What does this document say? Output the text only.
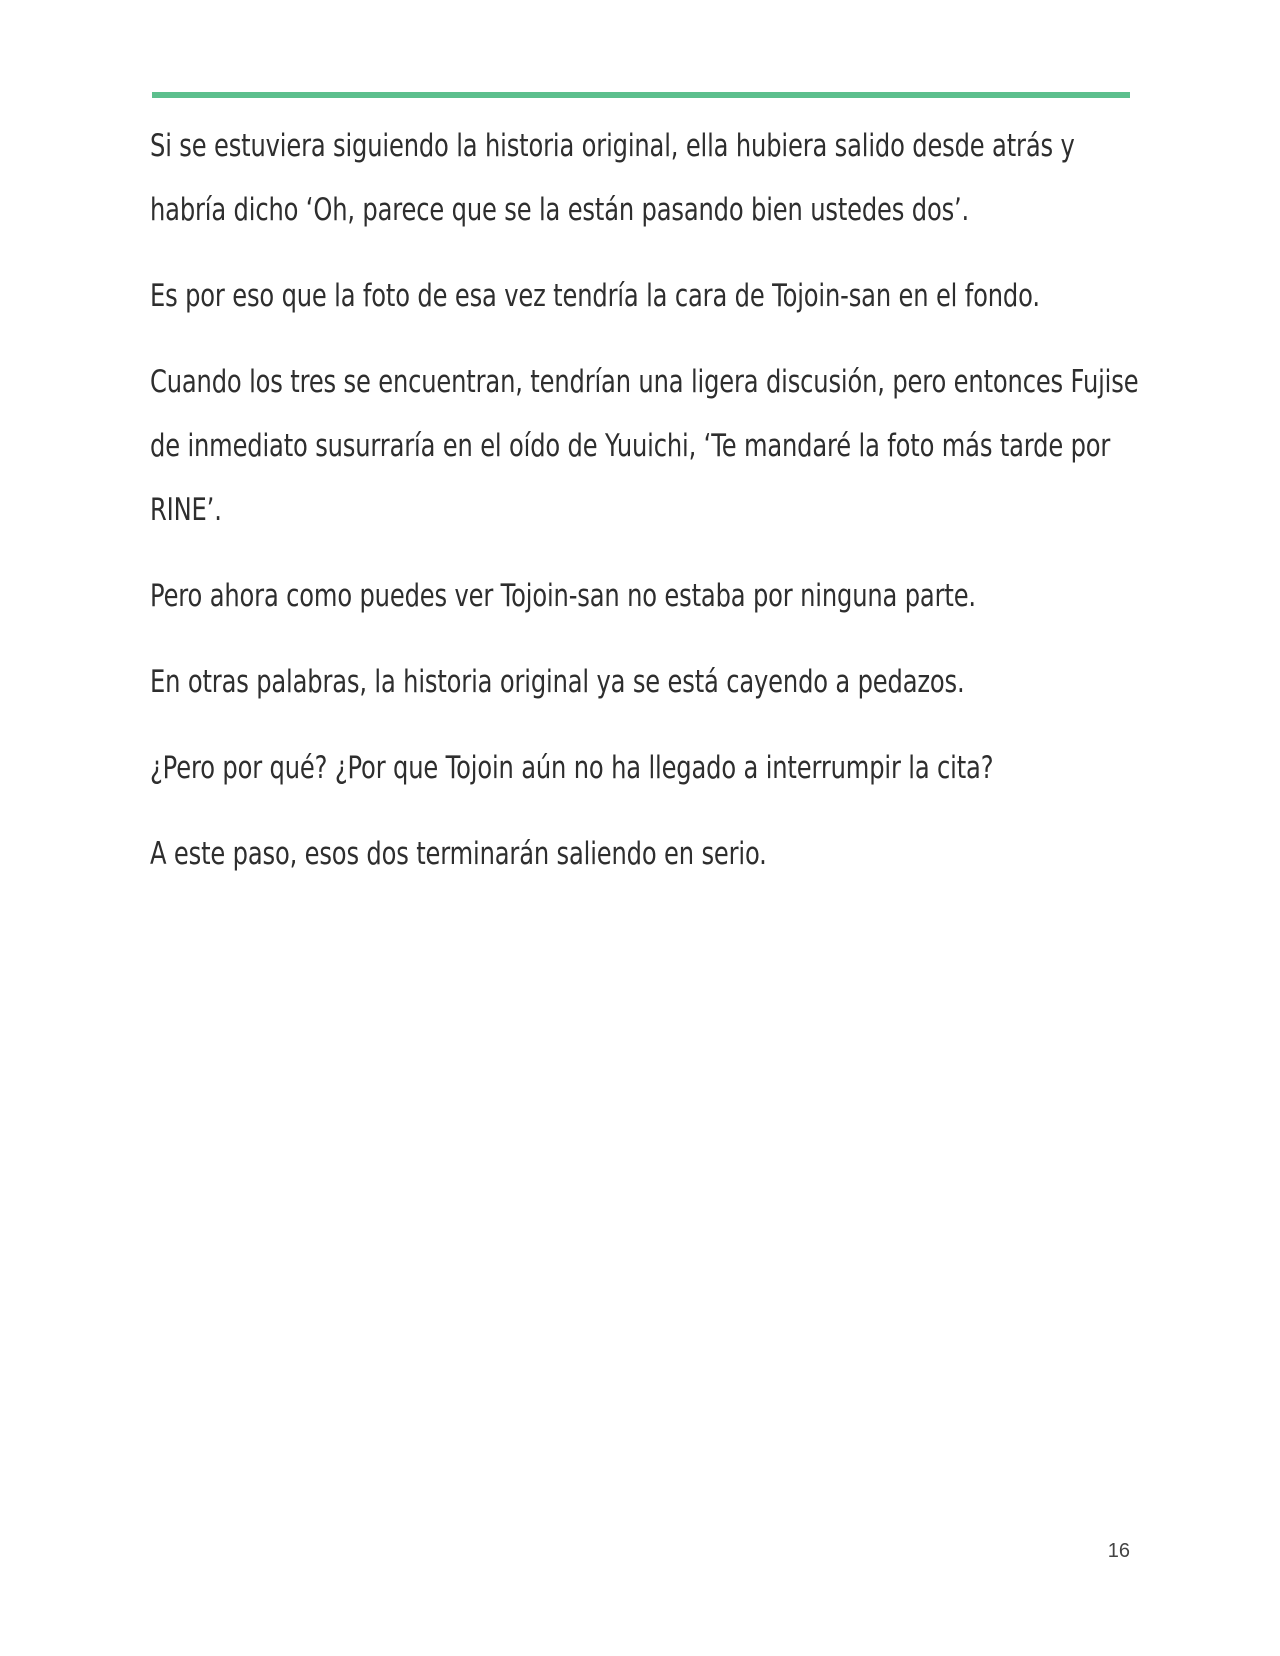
Si se estuviera siguiendo la historia original, ella hubiera salido desde atrás y habría dicho ‘Oh, parece que se la están pasando bien ustedes dos’.

Es por eso que la foto de esa vez tendría la cara de Tojoin-san en el fondo.

Cuando los tres se encuentran, tendrían una ligera discusión, pero entonces Fujise de inmediato susurraría en el oído de Yuuichi, ‘Te mandaré la foto más tarde por RINE’.

Pero ahora como puedes ver Tojoin-san no estaba por ninguna parte.

En otras palabras, la historia original ya se está cayendo a pedazos.

¿Pero por qué? ¿Por que Tojoin aún no ha llegado a interrumpir la cita?

A este paso, esos dos terminarán saliendo en serio.

16
